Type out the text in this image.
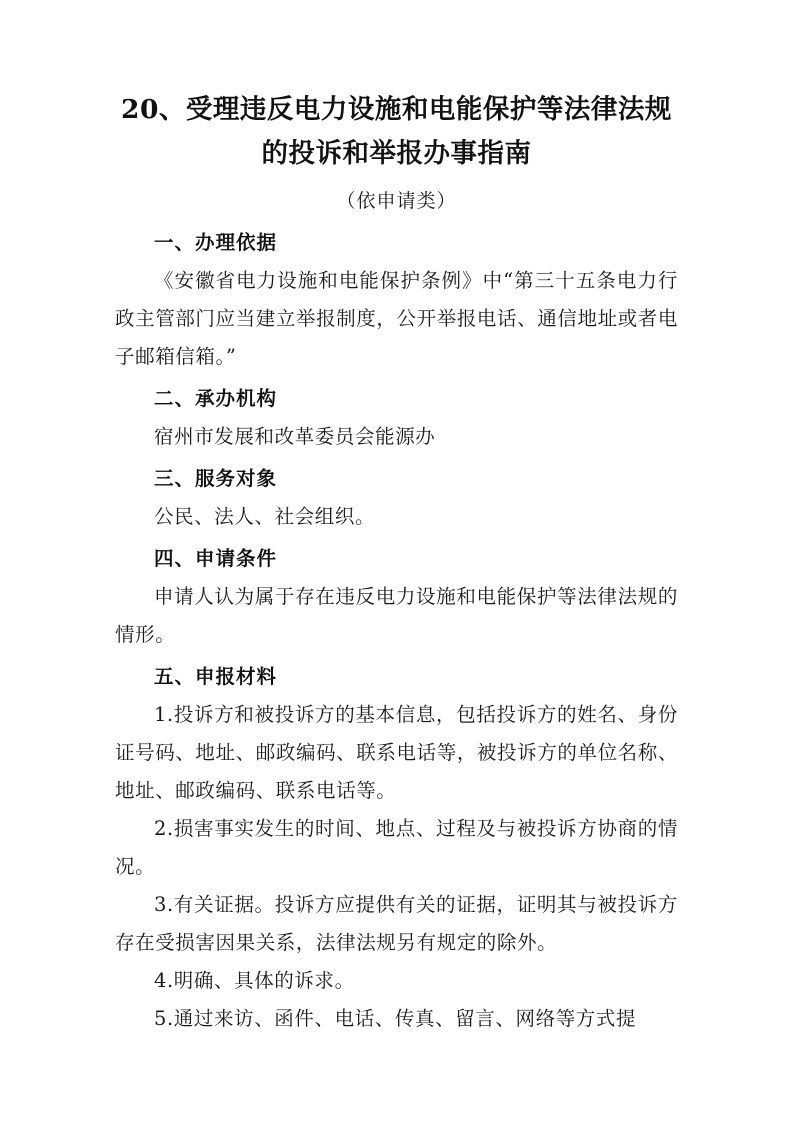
20、受理违反电力设施和电能保护等法律法规的投诉和举报办事指南
（依申请类）
一、办理依据

《安徽省电力设施和电能保护条例》中“第三十五条电力行政主管部门应当建立举报制度，公开举报电话、通信地址或者电子邮箱信箱。”

二、承办机构

宿州市发展和改革委员会能源办

三、服务对象

公民、法人、社会组织。

四、申请条件

申请人认为属于存在违反电力设施和电能保护等法律法规的情形。

五、申报材料

1.投诉方和被投诉方的基本信息，包括投诉方的姓名、身份证号码、地址、邮政编码、联系电话等，被投诉方的单位名称、地址、邮政编码、联系电话等。

2.损害事实发生的时间、地点、过程及与被投诉方协商的情况。

3.有关证据。投诉方应提供有关的证据，证明其与被投诉方存在受损害因果关系，法律法规另有规定的除外。

4.明确、具体的诉求。

5.通过来访、函件、电话、传真、留言、网络等方式提
